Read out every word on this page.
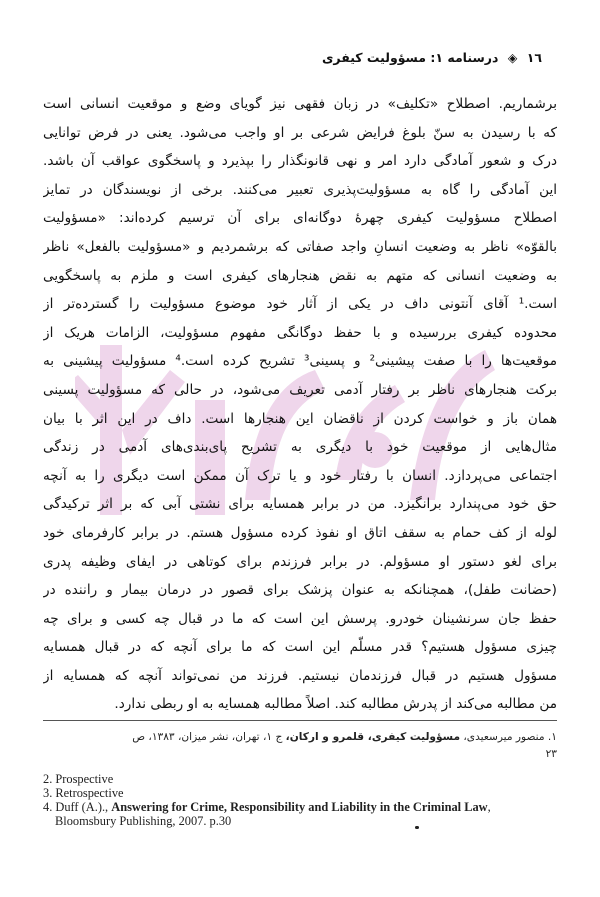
١٦ ◈ درسنامه ۱: مسؤولیت کیفری
برشماریم. اصطلاح «تکلیف» در زبان فقهی نیز گویای وضع و موقعیت انسانی است
که با رسیدن به سنّ بلوغ فرایض شرعی بر او واجب می‌شود. یعنی در فرض توانایی
درک و شعور آمادگی دارد امر و نهی قانونگذار را بپذیرد و پاسخگوی عواقب آن باشد.
این آمادگی را گاه به مسؤولیت‌پذیری تعبیر می‌کنند. برخی از نویسندگان در تمایز
اصطلاح مسؤولیت کیفری چهرهٔ دوگانه‌ای برای آن ترسیم کرده‌اند: «مسؤولیت
بالقوّه» ناظر به وضعیت انسانِ واجد صفاتی که برشمردیم و «مسؤولیت بالفعل» ناظر
به وضعیت انسانی که متهم به نقض هنجارهای کیفری است و ملزم به پاسخگویی
است.¹ آقای آنتونی داف در یکی از آثار خود موضوع مسؤولیت را گسترده‌تر از
محدوده کیفری بررسیده و با حفظ دوگانگی مفهوم مسؤولیت، الزامات هریک از
موقعیت‌ها را با صفت پیشینی² و پسینی³ تشریح کرده است.⁴ مسؤولیت پیشینی به
برکت هنجارهای ناظر بر رفتار آدمی تعریف می‌شود، در حالی که مسؤولیت پسینی
همان باز و خواست کردن از ناقضان این هنجارها است. داف در این اثر با بیان
مثال‌هایی از موقعیت خود با دیگری به تشریح پای‌بندی‌های آدمی در زندگی
اجتماعی می‌پردازد. انسان با رفتار خود و یا ترک آن ممکن است دیگری را به آنچه
حق خود می‌پندارد برانگیزد. من در برابر همسایه برای نشتی آبی که بر اثر ترکیدگی
لوله از کف حمام به سقف اتاق او نفوذ کرده مسؤول هستم. در برابر کارفرمای خود
برای لغو دستور او مسؤولم. در برابر فرزندم برای کوتاهی در ایفای وظیفه پدری
(حضانت طفل)، همچنانکه به عنوان پزشک برای قصور در درمان بیمار و راننده در
حفظ جان سرنشینان خودرو. پرسش این است که ما در قبال چه کسی و برای چه
چیزی مسؤول هستیم؟ قدر مسلّم این است که ما برای آنچه که در قبال همسایه
مسؤول هستیم در قبال فرزندمان نیستیم. فرزند من نمی‌تواند آنچه که همسایه از
من مطالبه می‌کند از پدرش مطالبه کند. اصلاً مطالبه همسایه به او ربطی ندارد.
۱. منصور میرسعیدی، مسؤولیت کیفری، قلمرو و ارکان، ج ۱، تهران، نشر میزان، ۱۳۸۳، ص
۲۳
2. Prospective
3. Retrospective
4. Duff (A.)., Answering for Crime, Responsibility and Liability in the Criminal Law,
Bloomsbury Publishing, 2007. p.30
